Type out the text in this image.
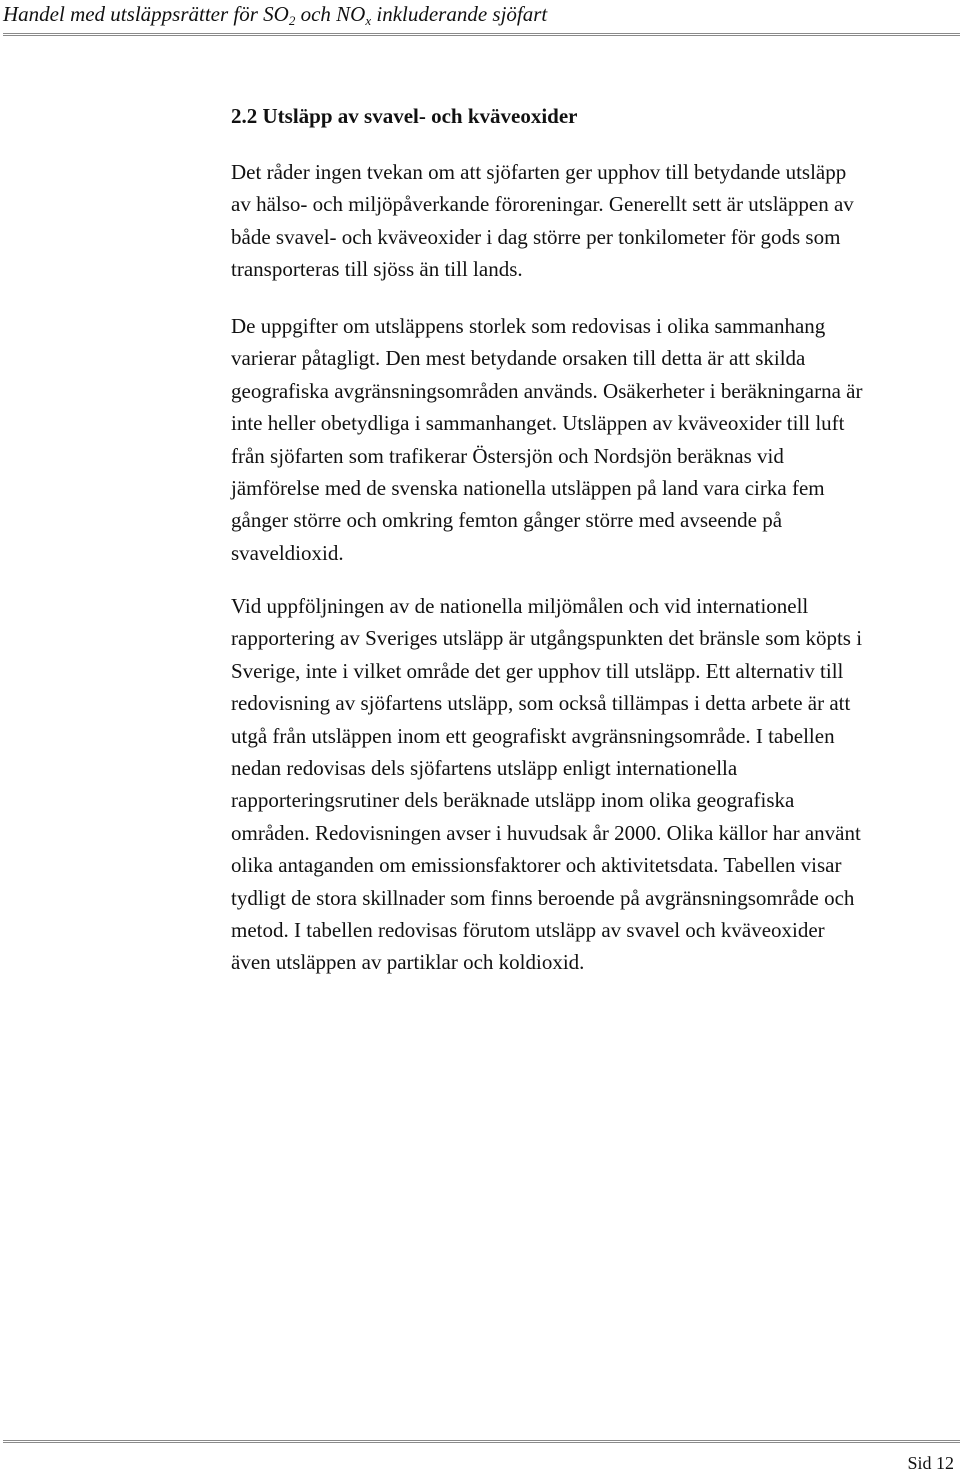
Handel med utsläppsrätter för $SO_2$ och $NO_x$ inkluderande sjöfart
2.2 Utsläpp av svavel- och kväveoxider

Det råder ingen tvekan om att sjöfarten ger upphov till betydande utsläpp
av hälso- och miljöpåverkande föroreningar. Generellt sett är utsläppen av
både svavel- och kväveoxider i dag större per tonkilometer för gods som
transporteras till sjöss än till lands.

De uppgifter om utsläppens storlek som redovisas i olika sammanhang
varierar påtagligt. Den mest betydande orsaken till detta är att skilda
geografiska avgränsningsområden används. Osäkerheter i beräkningarna är
inte heller obetydliga i sammanhanget. Utsläppen av kväveoxider till luft
från sjöfarten som trafikerar Östersjön och Nordsjön beräknas vid
jämförelse med de svenska nationella utsläppen på land vara cirka fem
gånger större och omkring femton gånger större med avseende på
svaveldioxid.

Vid uppföljningen av de nationella miljömålen och vid internationell
rapportering av Sveriges utsläpp är utgångspunkten det bränsle som köpts i
Sverige, inte i vilket område det ger upphov till utsläpp. Ett alternativ till
redovisning av sjöfartens utsläpp, som också tillämpas i detta arbete är att
utgå från utsläppen inom ett geografiskt avgränsningsområde. I tabellen
nedan redovisas dels sjöfartens utsläpp enligt internationella
rapporteringsrutiner dels beräknade utsläpp inom olika geografiska
områden. Redovisningen avser i huvudsak år 2000. Olika källor har använt
olika antaganden om emissionsfaktorer och aktivitetsdata. Tabellen visar
tydligt de stora skillnader som finns beroende på avgränsningsområde och
metod. I tabellen redovisas förutom utsläpp av svavel och kväveoxider
även utsläppen av partiklar och koldioxid.

Sid 12
